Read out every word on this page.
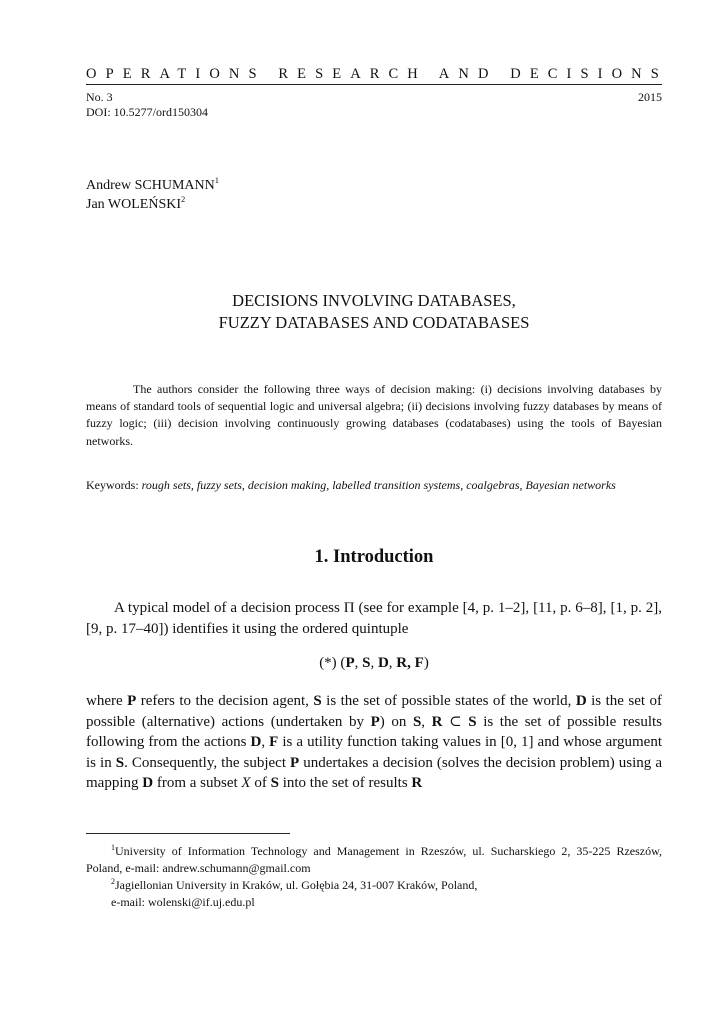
OPERATIONS RESEARCH AND DECISIONS
No. 3	2015
DOI: 10.5277/ord150304
Andrew SCHUMANN$^1$
Jan WOLEŃSKI$^2$
DECISIONS INVOLVING DATABASES,
FUZZY DATABASES AND CODATABASES
The authors consider the following three ways of decision making: (i) decisions involving databases by means of standard tools of sequential logic and universal algebra; (ii) decisions involving fuzzy databases by means of fuzzy logic; (iii) decision involving continuously growing databases (codatabases) using the tools of Bayesian networks.
Keywords: rough sets, fuzzy sets, decision making, labelled transition systems, coalgebras, Bayesian networks
1. Introduction
A typical model of a decision process Π (see for example [4, p. 1–2], [11, p. 6–8], [1, p. 2], [9, p. 17–40]) identifies it using the ordered quintuple
(*) (P, S, D, R, F)
where P refers to the decision agent, S is the set of possible states of the world, D is the set of possible (alternative) actions (undertaken by P) on S, R ⊂ S is the set of possible results following from the actions D, F is a utility function taking values in [0, 1] and whose argument is in S. Consequently, the subject P undertakes a decision (solves the decision problem) using a mapping D from a subset X of S into the set of results R
$^1$University of Information Technology and Management in Rzeszów, ul. Sucharskiego 2, 35-225 Rzeszów, Poland, e-mail: andrew.schumann@gmail.com
$^2$Jagiellonian University in Kraków, ul. Gołębia 24, 31-007 Kraków, Poland,
e-mail: wolenski@if.uj.edu.pl
